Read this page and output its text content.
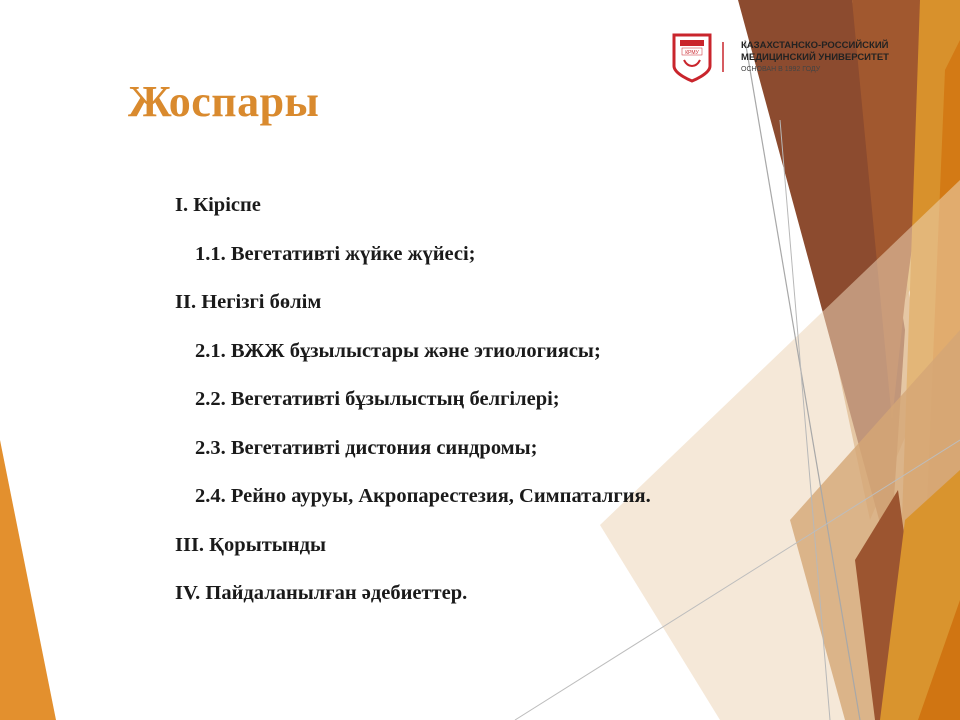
КРМУ
КАЗАХСТАНСКО-РОССИЙСКИЙ
МЕДИЦИНСКИЙ УНИВЕРСИТЕТ
ОСНОВАН В 1992 ГОДУ
Жоспары
I. Кіріспе
1.1. Вегетативті жүйке жүйесі;
II. Негізгі бөлім
2.1. ВЖЖ бұзылыстары және этиологиясы;
2.2. Вегетативті бұзылыстың белгілері;
2.3. Вегетативті дистония синдромы;
2.4. Рейно ауруы, Акропарестезия, Симпаталгия.
III. Қорытынды
IV. Пайдаланылған әдебиеттер.
